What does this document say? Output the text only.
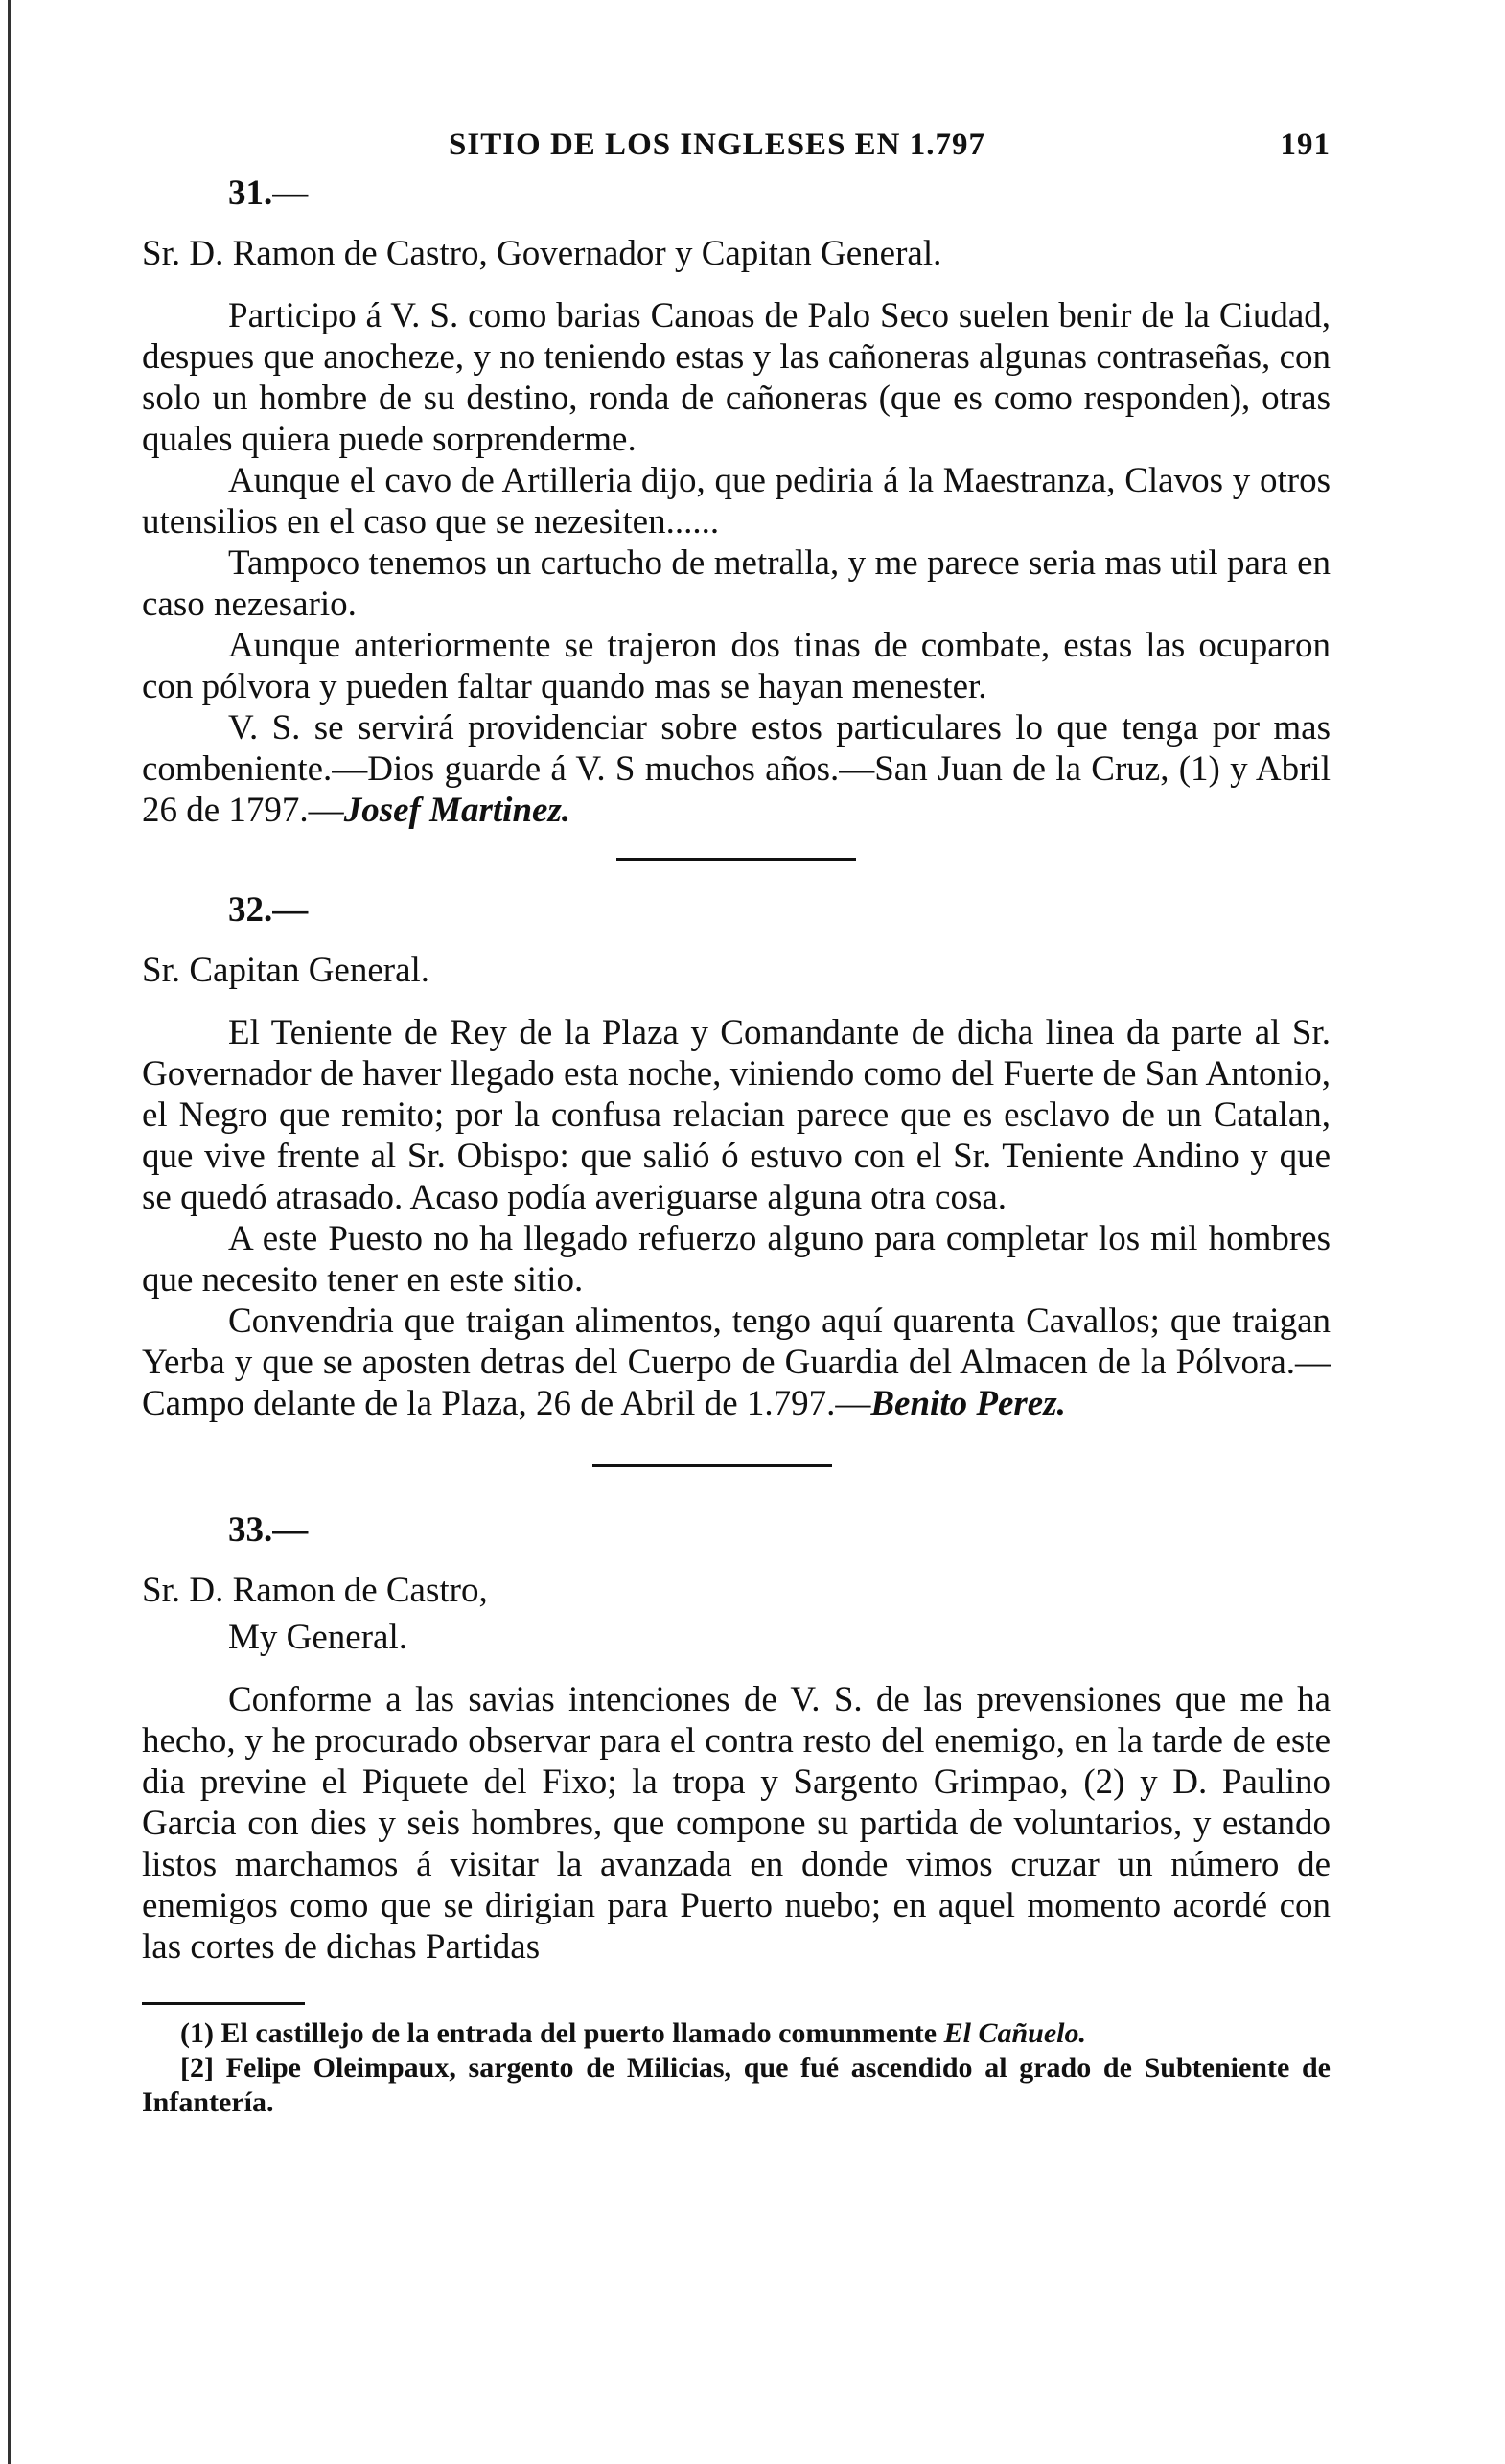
SITIO DE LOS INGLESES EN 1.797	191
31.—
Sr. D. Ramon de Castro, Governador y Capitan General.

Participo á V. S. como barias Canoas de Palo Seco suelen benir de la Ciudad, despues que anocheze, y no teniendo estas y las cañoneras algunas contraseñas, con solo un hombre de su destino, ronda de cañoneras (que es como responden), otras quales quiera puede sorprenderme.

Aunque el cavo de Artilleria dijo, que pediria á la Maestranza, Clavos y otros utensilios en el caso que se nezesiten......

Tampoco tenemos un cartucho de metralla, y me parece seria mas util para en caso nezesario.

Aunque anteriormente se trajeron dos tinas de combate, estas las ocuparon con pólvora y pueden faltar quando mas se hayan menester.

V. S. se servirá providenciar sobre estos particulares lo que tenga por mas combeniente.—Dios guarde á V. S muchos años.—San Juan de la Cruz, (1) y Abril 26 de 1797.—Josef Martinez.

32.—
Sr. Capitan General.

El Teniente de Rey de la Plaza y Comandante de dicha linea da parte al Sr. Governador de haver llegado esta noche, viniendo como del Fuerte de San Antonio, el Negro que remito; por la confusa relacian parece que es esclavo de un Catalan, que vive frente al Sr. Obispo: que salió ó estuvo con el Sr. Teniente Andino y que se quedó atrasado. Acaso podía averiguarse alguna otra cosa.

A este Puesto no ha llegado refuerzo alguno para completar los mil hombres que necesito tener en este sitio.

Convendria que traigan alimentos, tengo aquí quarenta Cavallos; que traigan Yerba y que se aposten detras del Cuerpo de Guardia del Almacen de la Pólvora.—Campo delante de la Plaza, 26 de Abril de 1.797.—Benito Perez.

33.—
Sr. D. Ramon de Castro,
My General.

Conforme a las savias intenciones de V. S. de las prevensiones que me ha hecho, y he procurado observar para el contra resto del enemigo, en la tarde de este dia previne el Piquete del Fixo; la tropa y Sargento Grimpao, (2) y D. Paulino Garcia con dies y seis hombres, que compone su partida de voluntarios, y estando listos marchamos á visitar la avanzada en donde vimos cruzar un número de enemigos como que se dirigian para Puerto nuebo; en aquel momento acordé con las cortes de dichas Partidas

(1) El castillejo de la entrada del puerto llamado comunmente El Cañuelo.

[2] Felipe Oleimpaux, sargento de Milicias, que fué ascendido al grado de Subteniente de Infantería.
